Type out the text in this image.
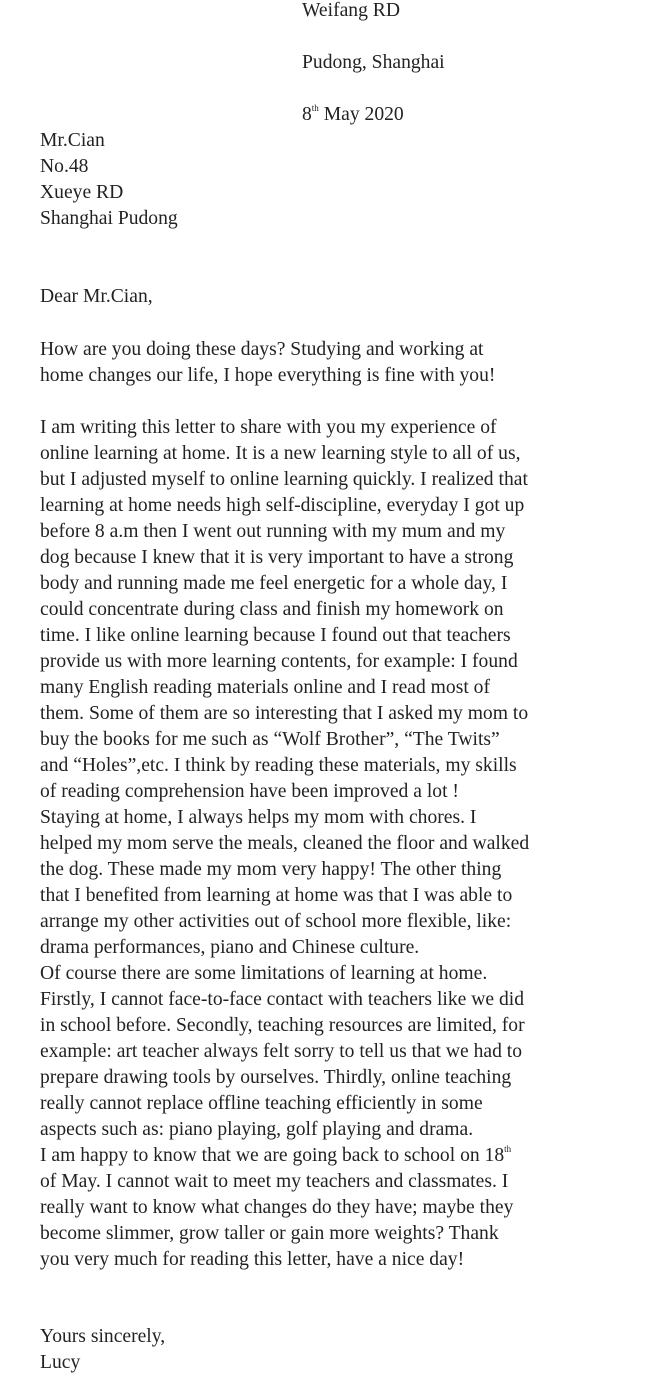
Weifang RD
Pudong, Shanghai
8th May 2020
Mr.Cian
No.48
Xueye RD
Shanghai Pudong
Dear Mr.Cian,
How are you doing these days? Studying and working at
home changes our life, I hope everything is fine with you!
I am writing this letter to share with you my experience of
online learning at home. It is a new learning style to all of us,
but I adjusted myself to online learning quickly. I realized that
learning at home needs high self-discipline, everyday I got up
before 8 a.m then I went out running with my mum and my
dog because I knew that it is very important to have a strong
body and running made me feel energetic for a whole day, I
could concentrate during class and finish my homework on
time. I like online learning because I found out that teachers
provide us with more learning contents, for example: I found
many English reading materials online and I read most of
them. Some of them are so interesting that I asked my mom to
buy the books for me such as “Wolf Brother”, “The Twits”
and “Holes”,etc. I think by reading these materials, my skills
of reading comprehension have been improved a lot !
Staying at home, I always helps my mom with chores. I
helped my mom serve the meals, cleaned the floor and walked
the dog. These made my mom very happy! The other thing
that I benefited from learning at home was that I was able to
arrange my other activities out of school more flexible, like:
drama performances, piano and Chinese culture.
Of course there are some limitations of learning at home.
Firstly, I cannot face-to-face contact with teachers like we did
in school before. Secondly, teaching resources are limited, for
example: art teacher always felt sorry to tell us that we had to
prepare drawing tools by ourselves. Thirdly, online teaching
really cannot replace offline teaching efficiently in some
aspects such as: piano playing, golf playing and drama.
I am happy to know that we are going back to school on 18th
of May. I cannot wait to meet my teachers and classmates. I
really want to know what changes do they have; maybe they
become slimmer, grow taller or gain more weights? Thank
you very much for reading this letter, have a nice day!
Yours sincerely,
Lucy
